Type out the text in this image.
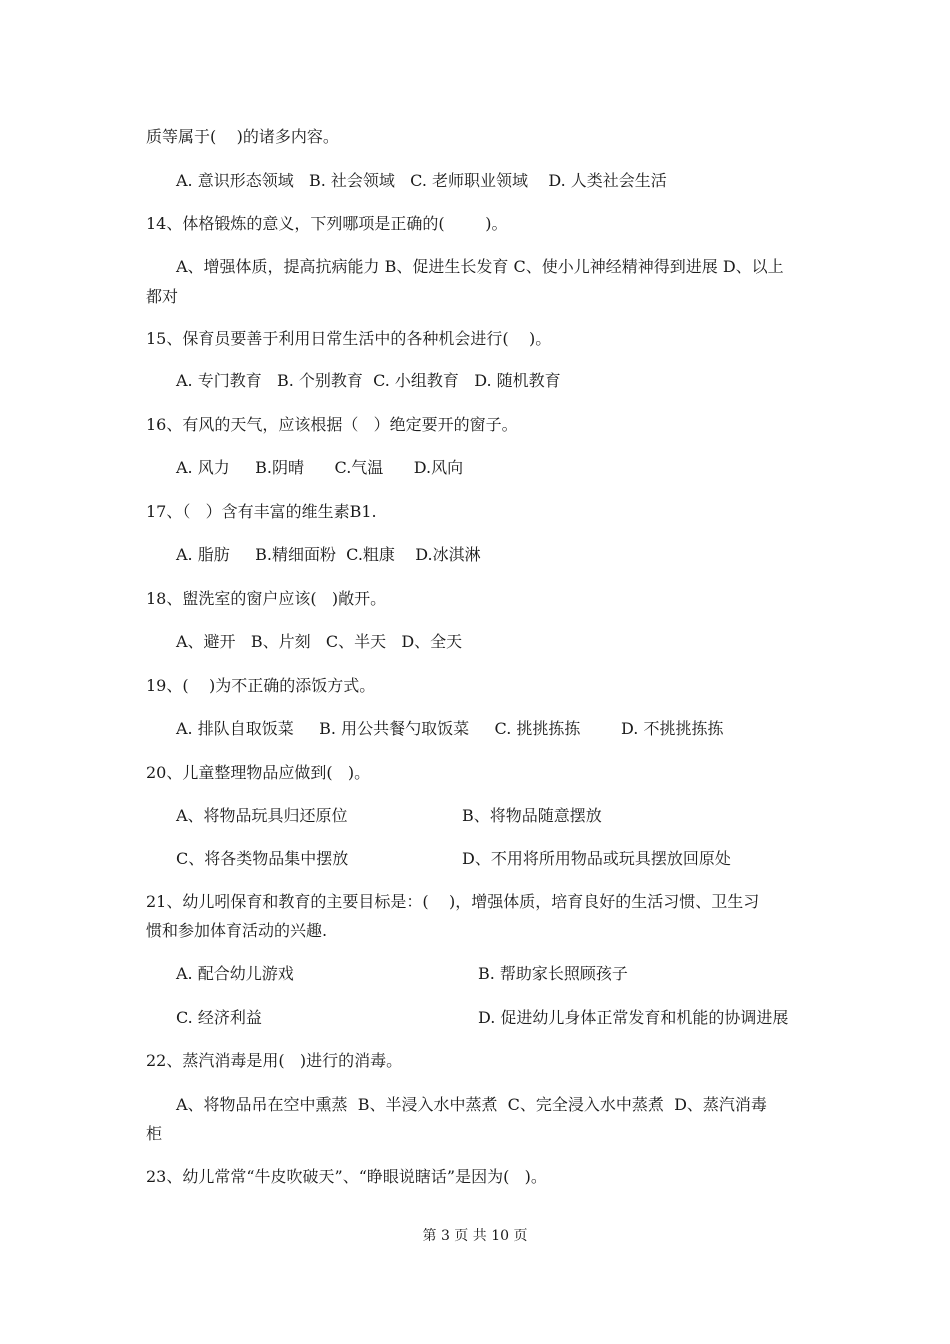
质等属于(    )的诸多内容。
A. 意识形态领域   B. 社会领域   C. 老师职业领域    D. 人类社会生活
14、体格锻炼的意义，下列哪项是正确的(        )。
A、增强体质，提高抗病能力 B、促进生长发育 C、使小儿神经精神得到进展 D、以上
都对
15、保育员要善于利用日常生活中的各种机会进行(    )。
A. 专门教育   B. 个别教育  C. 小组教育   D. 随机教育
16、有风的天气，应该根据（   ）绝定要开的窗子。
A. 风力     B.阴晴      C.气温      D.风向
17、（   ）含有丰富的维生素B1.
A. 脂肪     B.精细面粉  C.粗康    D.冰淇淋
18、盥洗室的窗户应该(   )敞开。
A、避开   B、片刻   C、半天   D、全天
19、(    )为不正确的添饭方式。
A. 排队自取饭菜     B. 用公共餐勺取饭菜     C. 挑挑拣拣        D. 不挑挑拣拣
20、儿童整理物品应做到(   )。
A、将物品玩具归还原位	B、将物品随意摆放
C、将各类物品集中摆放	D、不用将所用物品或玩具摆放回原处
21、幼儿吲保育和教育的主要目标是：(    )，增强体质，培育良好的生活习惯、卫生习
惯和参加体育活动的兴趣.
A. 配合幼儿游戏	B. 帮助家长照顾孩子
C. 经济利益	D. 促进幼儿身体正常发育和机能的协调进展
22、蒸汽消毒是用(   )进行的消毒。
A、将物品吊在空中熏蒸  B、半浸入水中蒸煮  C、完全浸入水中蒸煮  D、蒸汽消毒
柜
23、幼儿常常“牛皮吹破天”、“睁眼说瞎话”是因为(   )。
第 3 页 共 10 页
